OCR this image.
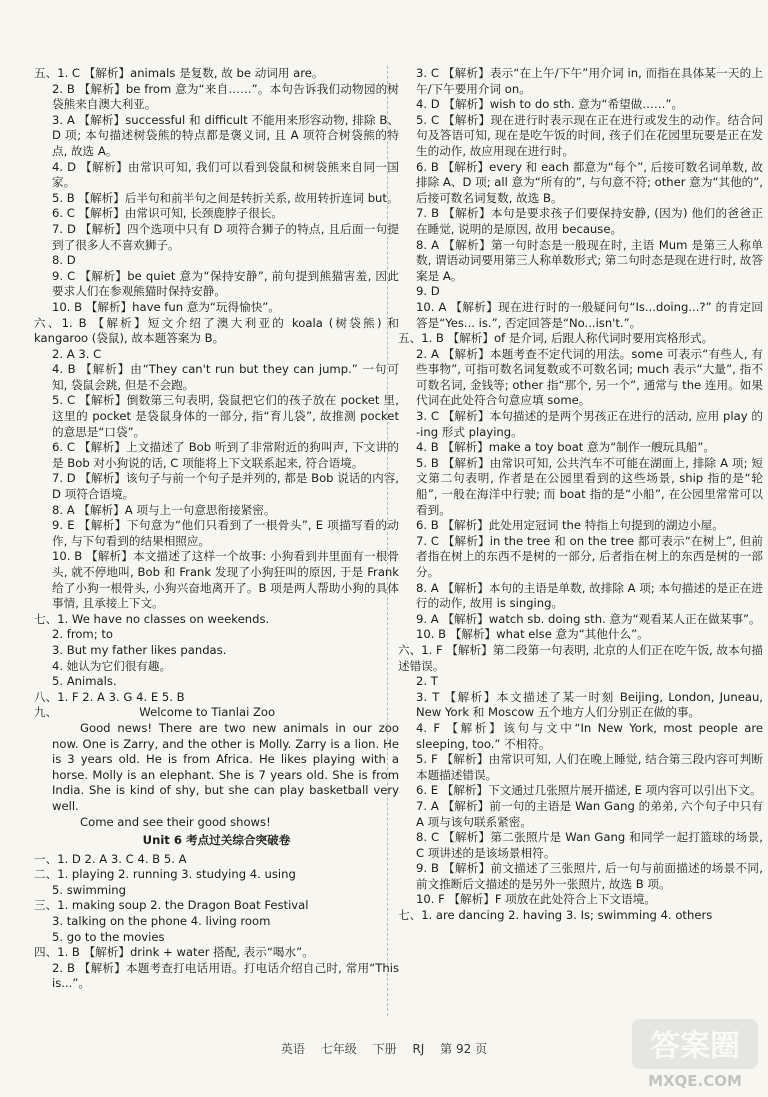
五、1. C 【解析】animals 是复数, 故 be 动词用 are。

2. B 【解析】be from 意为“来自……”。本句告诉我们动物园的树袋熊来自澳大利亚。

3. A 【解析】successful 和 difficult 不能用来形容动物, 排除 B、D 项; 本句描述树袋熊的特点都是褒义词, 且 A 项符合树袋熊的特点, 故选 A。

4. D 【解析】由常识可知, 我们可以看到袋鼠和树袋熊来自同一国家。

5. B 【解析】后半句和前半句之间是转折关系, 故用转折连词 but。

6. C 【解析】由常识可知, 长颈鹿脖子很长。

7. D 【解析】四个选项中只有 D 项符合狮子的特点, 且后面一句提到了很多人不喜欢狮子。

8. D

9. C 【解析】be quiet 意为“保持安静”, 前句提到熊猫害羞, 因此要求人们在参观熊猫时保持安静。

10. B 【解析】have fun 意为“玩得愉快”。

六、1. B 【解析】短文介绍了澳大利亚的 koala (树袋熊) 和 kangaroo (袋鼠), 故本题答案为 B。

2. A 3. C

4. B 【解析】由“They can't run but they can jump.” 一句可知, 袋鼠会跳, 但是不会跑。

5. C 【解析】倒数第三句表明, 袋鼠把它们的孩子放在 pocket 里, 这里的 pocket 是袋鼠身体的一部分, 指“育儿袋”, 故推测 pocket 的意思是“口袋”。

6. C 【解析】上文描述了 Bob 听到了非常附近的狗叫声, 下文讲的是 Bob 对小狗说的话, C 项能将上下文联系起来, 符合语境。

7. D 【解析】该句子与前一个句子是并列的, 都是 Bob 说话的内容, D 项符合语境。

8. A 【解析】A 项与上一句意思衔接紧密。

9. E 【解析】下句意为“他们只看到了一根骨头”, E 项描写看的动作, 与下句看到的结果相照应。

10. B 【解析】本文描述了这样一个故事: 小狗看到井里面有一根骨头, 就不停地叫, Bob 和 Frank 发现了小狗狂叫的原因, 于是 Frank 给了小狗一根骨头, 小狗兴奋地离开了。B 项是两人帮助小狗的具体事情, 且承接上下文。

七、1. We have no classes on weekends.

2. from; to

3. But my father likes pandas.

4. 她认为它们很有趣。

5. Animals.

八、1. F 2. A 3. G 4. E 5. B

九、	Welcome to Tianlai Zoo

Good news! There are two new animals in our zoo now. One is Zarry, and the other is Molly. Zarry is a lion. He is 3 years old. He is from Africa. He likes playing with a horse. Molly is an elephant. She is 7 years old. She is from India. She is kind of shy, but she can play basketball very well.

Come and see their good shows!

Unit 6 考点过关综合突破卷

一、1. D 2. A 3. C 4. B 5. A

二、1. playing 2. running 3. studying 4. using

5. swimming

三、1. making soup 2. the Dragon Boat Festival

3. talking on the phone 4. living room

5. go to the movies

四、1. B 【解析】drink + water 搭配, 表示“喝水”。

2. B 【解析】本题考查打电话用语。打电话介绍自己时, 常用“This is...”。

3. C 【解析】表示“在上午/下午”用介词 in, 而指在具体某一天的上午/下午要用介词 on。

4. D 【解析】wish to do sth. 意为“希望做……”。

5. C 【解析】现在进行时表示现在正在进行或发生的动作。结合问句及答语可知, 现在是吃午饭的时间, 孩子们在花园里玩要是正在发生的动作, 故应用现在进行时。

6. B 【解析】every 和 each 都意为“每个”, 后接可数名词单数, 故排除 A、D 项; all 意为“所有的”, 与句意不符; other 意为“其他的”, 后接可数名词复数, 故选 B。

7. B 【解析】本句是要求孩子们要保持安静, (因为) 他们的爸爸正在睡觉, 说明的是原因, 故用 because。

8. A 【解析】第一句时态是一般现在时, 主语 Mum 是第三人称单数, 谓语动词要用第三人称单数形式; 第二句时态是现在进行时, 故答案是 A。

9. D

10. A 【解析】现在进行时的一般疑问句“Is...doing...?” 的肯定回答是“Yes... is.”, 否定回答是“No...isn't.”。

五、1. B 【解析】of 是介词, 后跟人称代词时要用宾格形式。

2. A 【解析】本题考查不定代词的用法。some 可表示“有些人, 有些事物”, 可指可数名词复数或不可数名词; much 表示“大量”, 指不可数名词, 金钱等; other 指“那个, 另一个”, 通常与 the 连用。如果代词在此处符合句意应填 some。

3. C 【解析】本句描述的是两个男孩正在进行的活动, 应用 play 的 -ing 形式 playing。

4. B 【解析】make a toy boat 意为“制作一艘玩具船”。

5. B 【解析】由常识可知, 公共汽车不可能在湖面上, 排除 A 项; 短文第二句表明, 作者是在公园里看到的这些场景, ship 指的是“轮船”, 一般在海洋中行驶; 而 boat 指的是“小船”, 在公园里常常可以看到。

6. B 【解析】此处用定冠词 the 特指上句提到的湖边小屋。

7. C 【解析】in the tree 和 on the tree 都可表示“在树上”, 但前者指在树上的东西不是树的一部分, 后者指在树上的东西是树的一部分。

8. A 【解析】本句的主语是单数, 故排除 A 项; 本句描述的是正在进行的动作, 故用 is singing。

9. A 【解析】watch sb. doing sth. 意为“观看某人正在做某事”。

10. B 【解析】what else 意为“其他什么”。

六、1. F 【解析】第二段第一句表明, 北京的人们正在吃午饭, 故本句描述错误。

2. T

3. T 【解析】本文描述了某一时刻 Beijing, London, Juneau, New York 和 Moscow 五个地方人们分别正在做的事。

4. F 【解析】该句与文中“In New York, most people are sleeping, too.” 不相符。

5. F 【解析】由常识可知, 人们在晚上睡觉, 结合第三段内容可判断本题描述错误。

6. E 【解析】下文通过几张照片展开描述, E 项内容可以引出下文。

7. A 【解析】前一句的主语是 Wan Gang 的弟弟, 六个句子中只有 A 项与该句联系紧密。

8. C 【解析】第二张照片是 Wan Gang 和同学一起打篮球的场景, C 项讲述的是该场景相符。

9. B 【解析】前文描述了三张照片, 后一句与前面描述的场景不同, 前文推断后文描述的是另外一张照片, 故选 B 项。

10. F 【解析】F 项放在此处符合上下文语境。

七、1. are dancing 2. having 3. Is; swimming 4. others

英语 七年级 下册 RJ 第 92 页	答案圈
MXQE.COM
